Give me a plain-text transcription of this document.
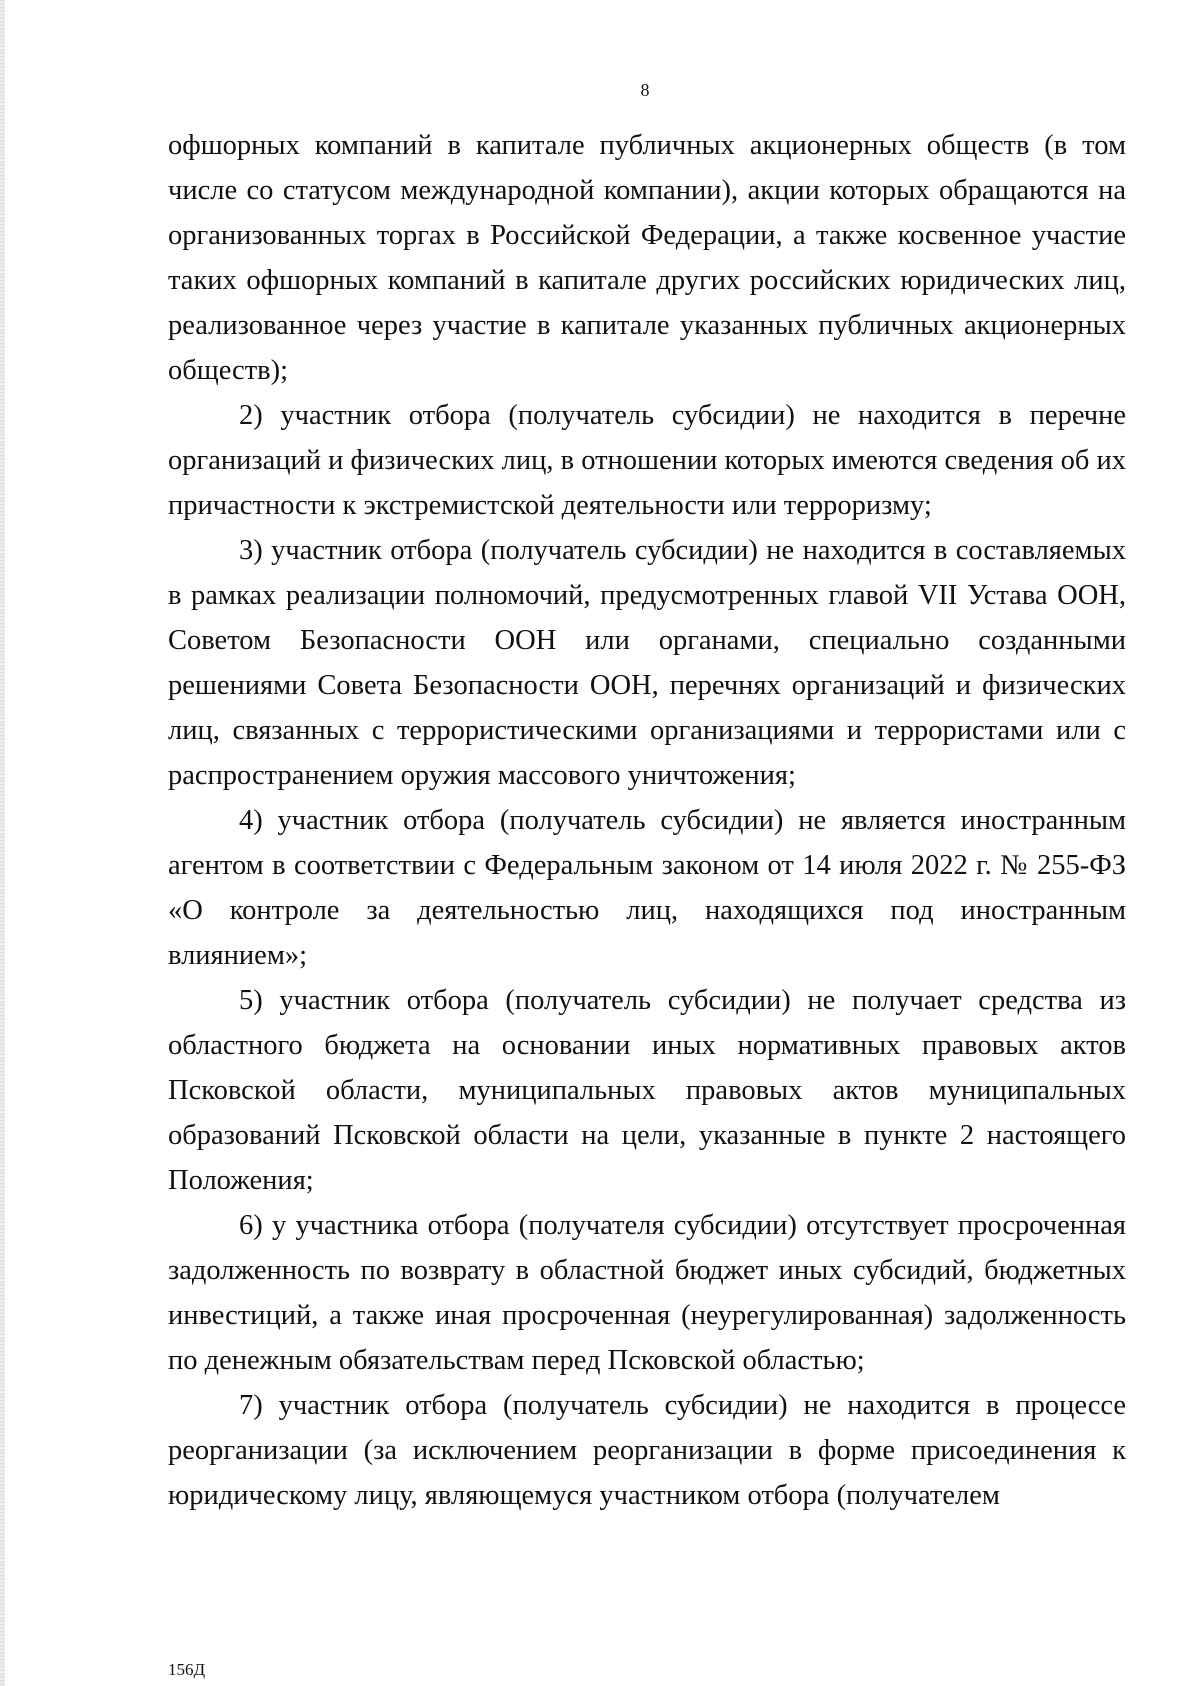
8

офшорных компаний в капитале публичных акционерных обществ (в том числе со статусом международной компании), акции которых обращаются на организованных торгах в Российской Федерации, а также косвенное участие таких офшорных компаний в капитале других российских юридических лиц, реализованное через участие в капитале указанных публичных акционерных обществ);

2) участник отбора (получатель субсидии) не находится в перечне организаций и физических лиц, в отношении которых имеются сведения об их причастности к экстремистской деятельности или терроризму;

3) участник отбора (получатель субсидии) не находится в составляемых в рамках реализации полномочий, предусмотренных главой VII Устава ООН, Советом Безопасности ООН или органами, специально созданными решениями Совета Безопасности ООН, перечнях организаций и физических лиц, связанных с террористическими организациями и террористами или с распространением оружия массового уничтожения;

4) участник отбора (получатель субсидии) не является иностранным агентом в соответствии с Федеральным законом от 14 июля 2022 г. № 255-ФЗ «О контроле за деятельностью лиц, находящихся под иностранным влиянием»;

5) участник отбора (получатель субсидии) не получает средства из областного бюджета на основании иных нормативных правовых актов Псковской области, муниципальных правовых актов муниципальных образований Псковской области на цели, указанные в пункте 2 настоящего Положения;

6) у участника отбора (получателя субсидии) отсутствует просроченная задолженность по возврату в областной бюджет иных субсидий, бюджетных инвестиций, а также иная просроченная (неурегулированная) задолженность по денежным обязательствам перед Псковской областью;

7) участник отбора (получатель субсидии) не находится в процессе реорганизации (за исключением реорганизации в форме присоединения к юридическому лицу, являющемуся участником отбора (получателем

156Д
